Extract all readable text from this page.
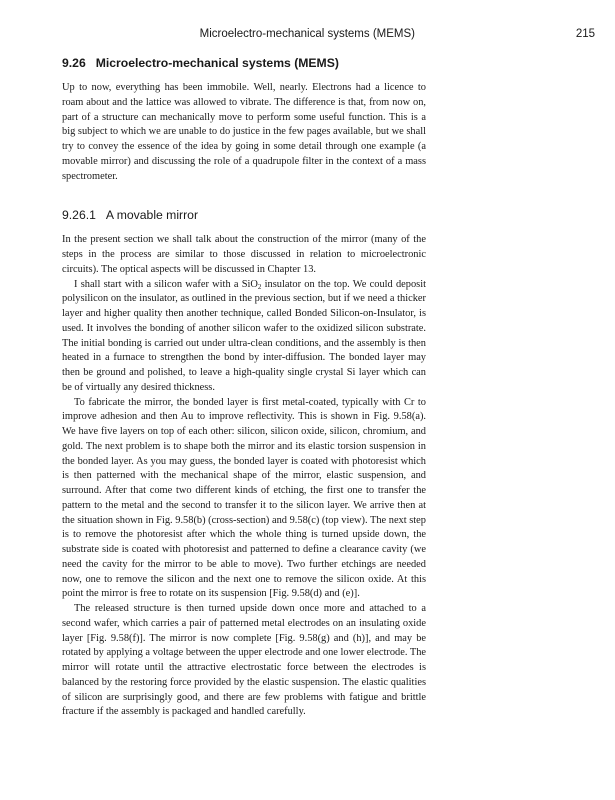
Microelectro-mechanical systems (MEMS)	215
9.26 Microelectro-mechanical systems (MEMS)

Up to now, everything has been immobile. Well, nearly. Electrons had a licence to roam about and the lattice was allowed to vibrate. The difference is that, from now on, part of a structure can mechanically move to perform some useful function. This is a big subject to which we are unable to do justice in the few pages available, but we shall try to convey the essence of the idea by going in some detail through one example (a movable mirror) and discussing the role of a quadrupole filter in the context of a mass spectrometer.

9.26.1 A movable mirror

In the present section we shall talk about the construction of the mirror (many of the steps in the process are similar to those discussed in relation to microelectronic circuits). The optical aspects will be discussed in Chapter 13.

I shall start with a silicon wafer with a SiO$_2$ insulator on the top. We could deposit polysilicon on the insulator, as outlined in the previous section, but if we need a thicker layer and higher quality then another technique, called Bonded Silicon-on-Insulator, is used. It involves the bonding of another silicon wafer to the oxidized silicon substrate. The initial bonding is carried out under ultra-clean conditions, and the assembly is then heated in a furnace to strengthen the bond by inter-diffusion. The bonded layer may then be ground and polished, to leave a high-quality single crystal Si layer which can be of virtually any desired thickness.

To fabricate the mirror, the bonded layer is first metal-coated, typically with Cr to improve adhesion and then Au to improve reflectivity. This is shown in Fig. 9.58(a). We have five layers on top of each other: silicon, silicon oxide, silicon, chromium, and gold. The next problem is to shape both the mirror and its elastic torsion suspension in the bonded layer. As you may guess, the bonded layer is coated with photoresist which is then patterned with the mechanical shape of the mirror, elastic suspension, and surround. After that come two different kinds of etching, the first one to transfer the pattern to the metal and the second to transfer it to the silicon layer. We arrive then at the situation shown in Fig. 9.58(b) (cross-section) and 9.58(c) (top view). The next step is to remove the photoresist after which the whole thing is turned upside down, the substrate side is coated with photoresist and patterned to define a clearance cavity (we need the cavity for the mirror to be able to move). Two further etchings are needed now, one to remove the silicon and the next one to remove the silicon oxide. At this point the mirror is free to rotate on its suspension [Fig. 9.58(d) and (e)].

The released structure is then turned upside down once more and attached to a second wafer, which carries a pair of patterned metal electrodes on an insulating oxide layer [Fig. 9.58(f)]. The mirror is now complete [Fig. 9.58(g) and (h)], and may be rotated by applying a voltage between the upper electrode and one lower electrode. The mirror will rotate until the attractive electrostatic force between the electrodes is balanced by the restoring force provided by the elastic suspension. The elastic qualities of silicon are surprisingly good, and there are few problems with fatigue and brittle fracture if the assembly is packaged and handled carefully.
